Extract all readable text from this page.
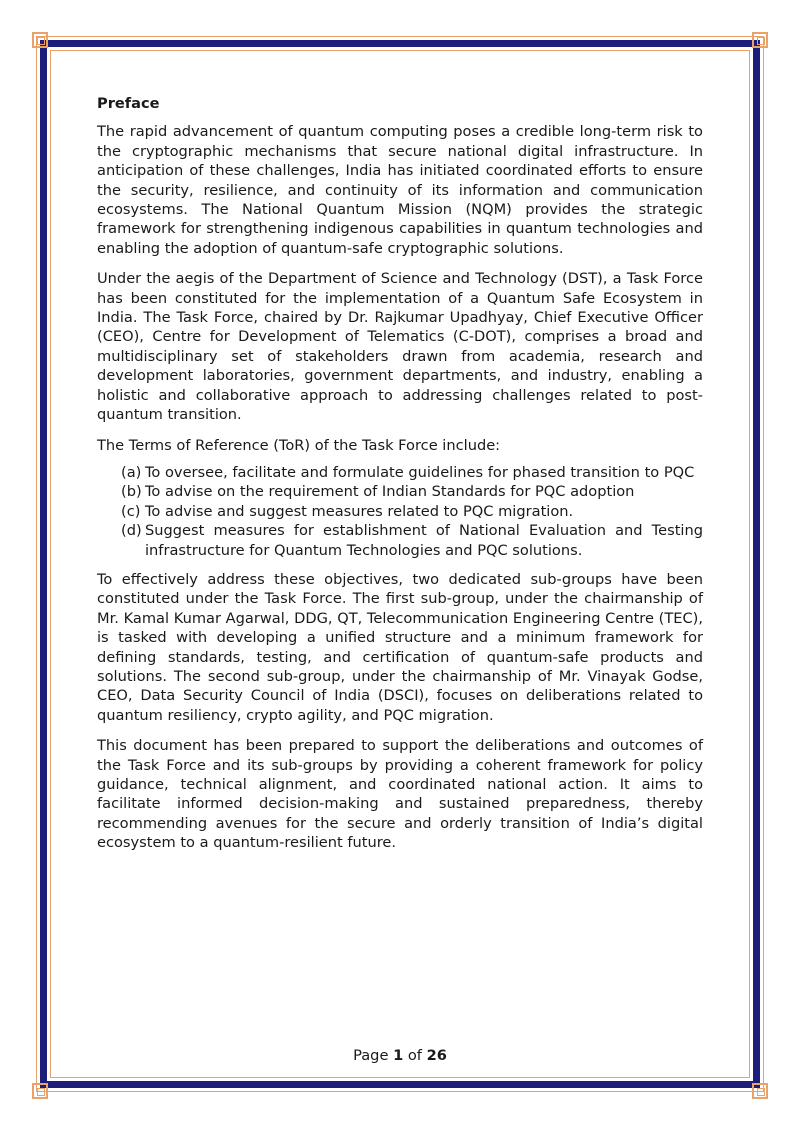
Preface

The rapid advancement of quantum computing poses a credible long-term risk to the cryptographic mechanisms that secure national digital infrastructure. In anticipation of these challenges, India has initiated coordinated efforts to ensure the security, resilience, and continuity of its information and communication ecosystems. The National Quantum Mission (NQM) provides the strategic framework for strengthening indigenous capabilities in quantum technologies and enabling the adoption of quantum-safe cryptographic solutions.

Under the aegis of the Department of Science and Technology (DST), a Task Force has been constituted for the implementation of a Quantum Safe Ecosystem in India. The Task Force, chaired by Dr. Rajkumar Upadhyay, Chief Executive Officer (CEO), Centre for Development of Telematics (C-DOT), comprises a broad and multidisciplinary set of stakeholders drawn from academia, research and development laboratories, government departments, and industry, enabling a holistic and collaborative approach to addressing challenges related to post-quantum transition.

The Terms of Reference (ToR) of the Task Force include:

(a) To oversee, facilitate and formulate guidelines for phased transition to PQC
(b) To advise on the requirement of Indian Standards for PQC adoption
(c) To advise and suggest measures related to PQC migration.
(d) Suggest measures for establishment of National Evaluation and Testing infrastructure for Quantum Technologies and PQC solutions.

To effectively address these objectives, two dedicated sub-groups have been constituted under the Task Force. The first sub-group, under the chairmanship of Mr. Kamal Kumar Agarwal, DDG, QT, Telecommunication Engineering Centre (TEC), is tasked with developing a unified structure and a minimum framework for defining standards, testing, and certification of quantum-safe products and solutions. The second sub-group, under the chairmanship of Mr. Vinayak Godse, CEO, Data Security Council of India (DSCI), focuses on deliberations related to quantum resiliency, crypto agility, and PQC migration.

This document has been prepared to support the deliberations and outcomes of the Task Force and its sub-groups by providing a coherent framework for policy guidance, technical alignment, and coordinated national action. It aims to facilitate informed decision-making and sustained preparedness, thereby recommending avenues for the secure and orderly transition of India’s digital ecosystem to a quantum-resilient future.

Page 1 of 26
